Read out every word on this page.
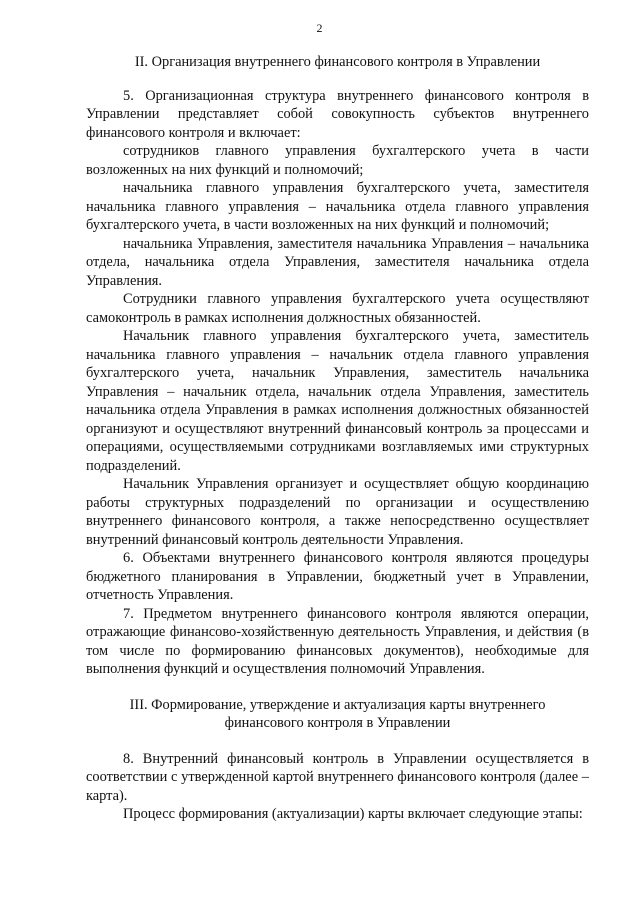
2

II. Организация внутреннего финансового контроля в Управлении

5. Организационная структура внутреннего финансового контроля в Управлении представляет собой совокупность субъектов внутреннего финансового контроля и включает:

сотрудников главного управления бухгалтерского учета в части возложенных на них функций и полномочий;

начальника главного управления бухгалтерского учета, заместителя начальника главного управления – начальника отдела главного управления бухгалтерского учета, в части возложенных на них функций и полномочий;

начальника Управления, заместителя начальника Управления – начальника отдела, начальника отдела Управления, заместителя начальника отдела Управления.

Сотрудники главного управления бухгалтерского учета осуществляют самоконтроль в рамках исполнения должностных обязанностей.

Начальник главного управления бухгалтерского учета, заместитель начальника главного управления – начальник отдела главного управления бухгалтерского учета, начальник Управления, заместитель начальника Управления – начальник отдела, начальник отдела Управления, заместитель начальника отдела Управления в рамках исполнения должностных обязанностей организуют и осуществляют внутренний финансовый контроль за процессами и операциями, осуществляемыми сотрудниками возглавляемых ими структурных подразделений.

Начальник Управления организует и осуществляет общую координацию работы структурных подразделений по организации и осуществлению внутреннего финансового контроля, а также непосредственно осуществляет внутренний финансовый контроль деятельности Управления.

6. Объектами внутреннего финансового контроля являются процедуры бюджетного планирования в Управлении, бюджетный учет в Управлении, отчетность Управления.

7. Предметом внутреннего финансового контроля являются операции, отражающие финансово-хозяйственную деятельность Управления, и действия (в том числе по формированию финансовых документов), необходимые для выполнения функций и осуществления полномочий Управления.

III. Формирование, утверждение и актуализация карты внутреннего
финансового контроля в Управлении

8. Внутренний финансовый контроль в Управлении осуществляется в соответствии с утвержденной картой внутреннего финансового контроля (далее – карта).

Процесс формирования (актуализации) карты включает следующие этапы:
